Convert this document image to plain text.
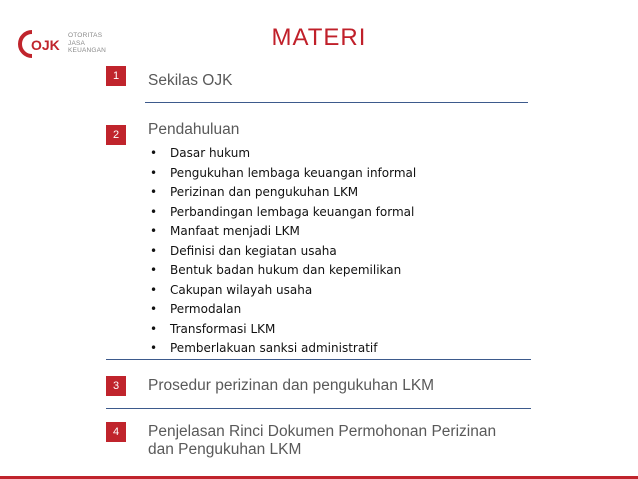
OJK
OTORITAS
JASA
KEUANGAN	MATERI
1	Sekilas OJK
2	Pendahuluan
• Dasar hukum
• Pengukuhan lembaga keuangan informal
• Perizinan dan pengukuhan LKM
• Perbandingan lembaga keuangan formal
• Manfaat menjadi LKM
• Definisi dan kegiatan usaha
• Bentuk badan hukum dan kepemilikan
• Cakupan wilayah usaha
• Permodalan
• Transformasi LKM
• Pemberlakuan sanksi administratif
3	Prosedur perizinan dan pengukuhan LKM
4	Penjelasan Rinci Dokumen Permohonan Perizinan
dan Pengukuhan LKM
